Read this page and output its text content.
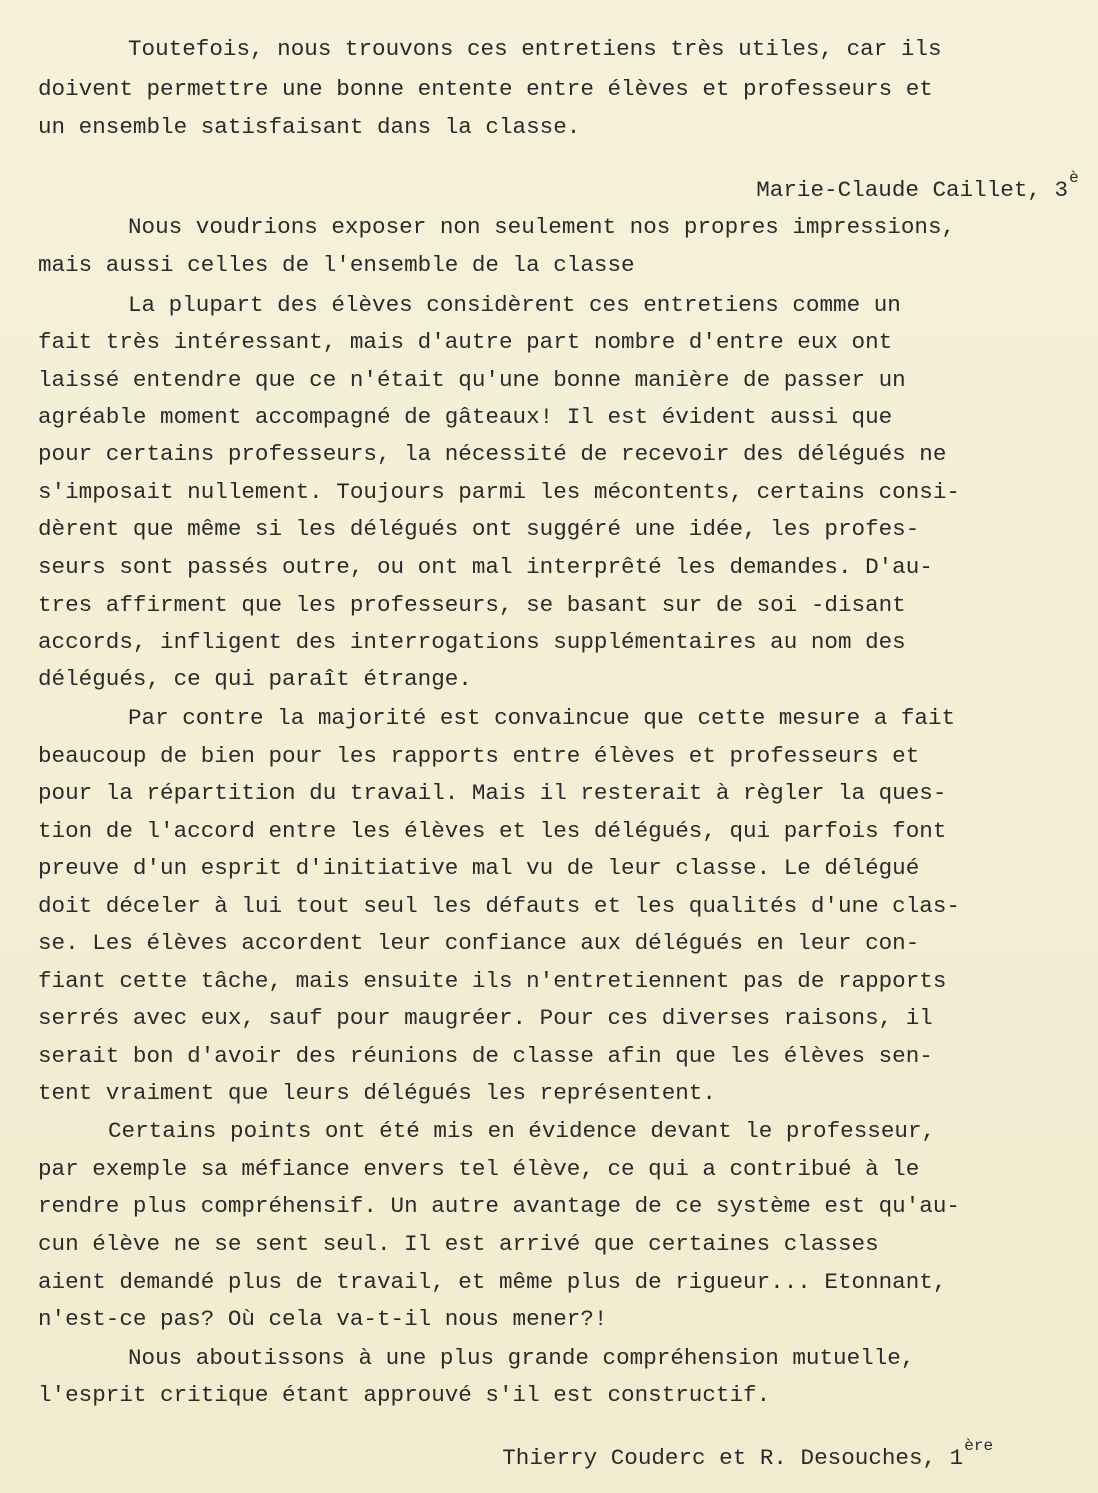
Toutefois, nous trouvons ces entretiens très utiles, car ils
doivent permettre une bonne entente entre élèves et professeurs et
un ensemble satisfaisant dans la classe.

Marie-Claude Caillet, $3^è$

Nous voudrions exposer non seulement nos propres impressions,
mais aussi celles de l'ensemble de la classe
La plupart des élèves considèrent ces entretiens comme un
fait très intéressant, mais d'autre part nombre d'entre eux ont
laissé entendre que ce n'était qu'une bonne manière de passer un
agréable moment accompagné de gâteaux! Il est évident aussi que
pour certains professeurs, la nécessité de recevoir des délégués ne
s'imposait nullement. Toujours parmi les mécontents, certains consi-
dèrent que même si les délégués ont suggéré une idée, les profes-
seurs sont passés outre, ou ont mal interprêté les demandes. D'au-
tres affirment que les professeurs, se basant sur de soi -disant
accords, infligent des interrogations supplémentaires au nom des
délégués, ce qui paraît étrange.
Par contre la majorité est convaincue que cette mesure a fait
beaucoup de bien pour les rapports entre élèves et professeurs et
pour la répartition du travail. Mais il resterait à règler la ques-
tion de l'accord entre les élèves et les délégués, qui parfois font
preuve d'un esprit d'initiative mal vu de leur classe. Le délégué
doit déceler à lui tout seul les défauts et les qualités d'une clas-
se. Les élèves accordent leur confiance aux délégués en leur con-
fiant cette tâche, mais ensuite ils n'entretiennent pas de rapports
serrés avec eux, sauf pour maugréer. Pour ces diverses raisons, il
serait bon d'avoir des réunions de classe afin que les élèves sen-
tent vraiment que leurs délégués les représentent.
Certains points ont été mis en évidence devant le professeur,
par exemple sa méfiance envers tel élève, ce qui a contribué à le
rendre plus compréhensif. Un autre avantage de ce système est qu'au-
cun élève ne se sent seul. Il est arrivé que certaines classes
aient demandé plus de travail, et même plus de rigueur... Etonnant,
n'est-ce pas? Où cela va-t-il nous mener?!
Nous aboutissons à une plus grande compréhension mutuelle,
l'esprit critique étant approuvé s'il est constructif.

Thierry Couderc et R. Desouches, 1ère
